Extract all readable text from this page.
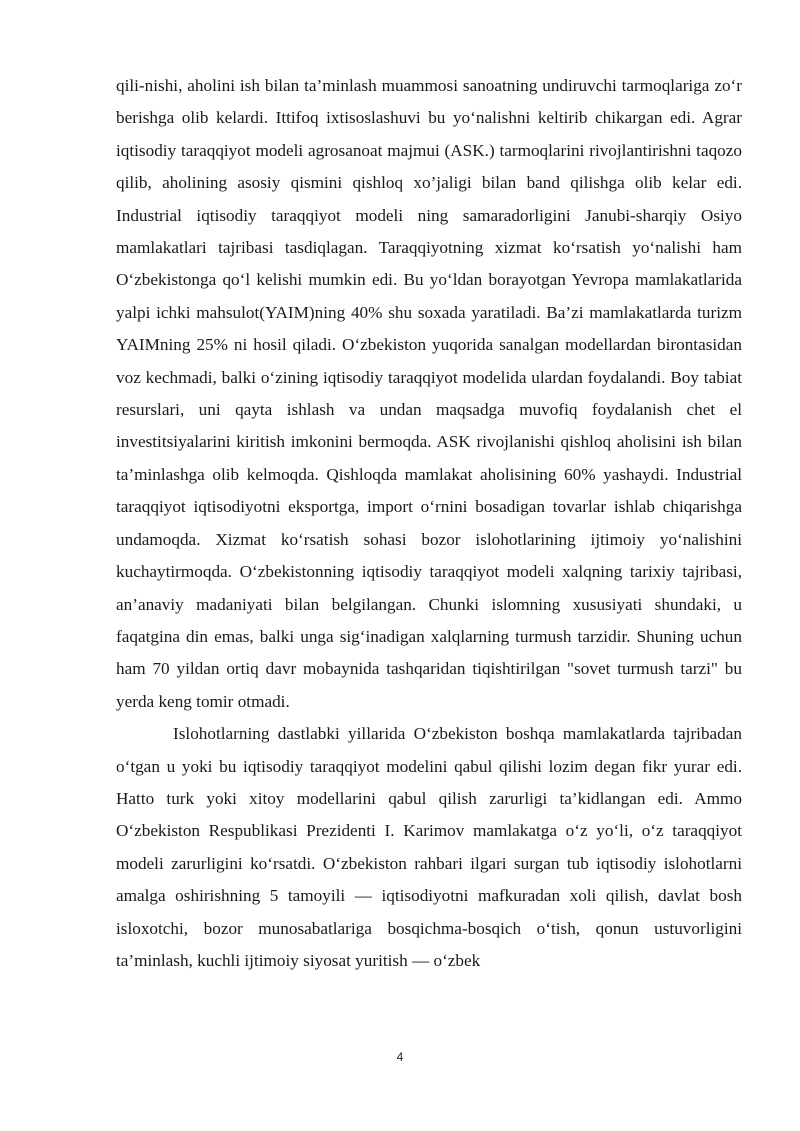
qili-nishi, aholini ish bilan ta’minlash muammosi sanoatning undiruvchi tarmoqlariga zo‘r berishga olib kelardi. Ittifoq ixtisoslashuvi bu yo‘nalishni keltirib chikargan edi. Agrar iqtisodiy taraqqiyot modeli agrosanoat majmui (ASK.) tarmoqlarini rivojlantirishni taqozo qilib, aholining asosiy qismini qishloq xo’jaligi bilan band qilishga olib kelar edi. Industrial iqtisodiy taraqqiyot modeli ning samaradorligini Janubi-sharqiy Osiyo mamlakatlari tajribasi tasdiqlagan. Taraqqiyotning xizmat ko‘rsatish yo‘nalishi ham O‘zbekistonga qo‘l kelishi mumkin edi. Bu yo‘ldan borayotgan Yevropa mamlakatlarida yalpi ichki mahsulot(YAIM)ning 40% shu soxada yaratiladi. Ba’zi mamlakatlarda turizm YAIMning 25% ni hosil qiladi. O‘zbekiston yuqorida sanalgan modellardan birontasidan voz kechmadi, balki o‘zining iqtisodiy taraqqiyot modelida ulardan foydalandi. Boy tabiat resurslari, uni qayta ishlash va undan maqsadga muvofiq foydalanish chet el investitsiyalarini kiritish imkonini bermoqda. ASK rivojlanishi qishloq aholisini ish bilan ta’minlashga olib kelmoqda. Qishloqda mamlakat aholisining 60% yashaydi. Industrial taraqqiyot iqtisodiyotni eksportga, import o‘rnini bosadigan tovarlar ishlab chiqarishga undamoqda. Xizmat ko‘rsatish sohasi bozor islohotlarining ijtimoiy yo‘nalishini kuchaytirmoqda. O‘zbekistonning iqtisodiy taraqqiyot modeli xalqning tarixiy tajribasi, an’anaviy madaniyati bilan belgilangan. Chunki islomning xususiyati shundaki, u faqatgina din emas, balki unga sig‘inadigan xalqlarning turmush tarzidir. Shuning uchun ham 70 yildan ortiq davr mobaynida tashqaridan tiqishtirilgan "sovet turmush tarzi" bu yerda keng tomir otmadi.

Islohotlarning dastlabki yillarida O‘zbekiston boshqa mamlakatlarda tajribadan o‘tgan u yoki bu iqtisodiy taraqqiyot modelini qabul qilishi lozim degan fikr yurar edi. Hatto turk yoki xitoy modellarini qabul qilish zarurligi ta’kidlangan edi. Ammo O‘zbekiston Respublikasi Prezidenti I. Karimov mamlakatga o‘z yo‘li, o‘z taraqqiyot modeli zarurligini ko‘rsatdi. O‘zbekiston rahbari ilgari surgan tub iqtisodiy islohotlarni amalga oshirishning 5 tamoyili — iqtisodiyotni mafkuradan xoli qilish, davlat bosh isloxotchi, bozor munosabatlariga bosqichma-bosqich o‘tish, qonun ustuvorligini ta’minlash, kuchli ijtimoiy siyosat yuritish — o‘zbek

4
